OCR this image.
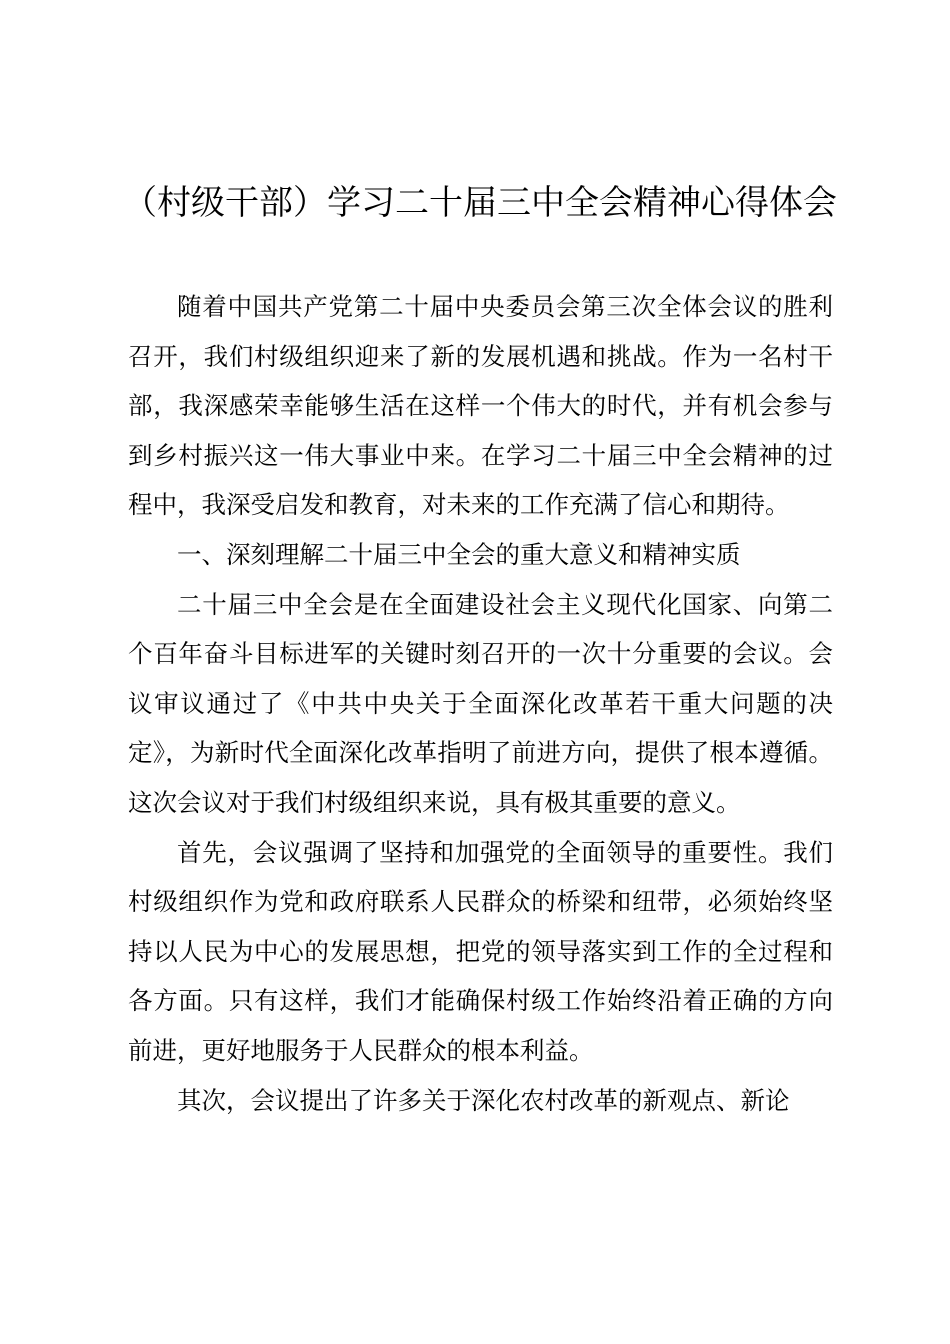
（村级干部）学习二十届三中全会精神心得体会

随着中国共产党第二十届中央委员会第三次全体会议的胜利召开，我们村级组织迎来了新的发展机遇和挑战。作为一名村干部，我深感荣幸能够生活在这样一个伟大的时代，并有机会参与到乡村振兴这一伟大事业中来。在学习二十届三中全会精神的过程中，我深受启发和教育，对未来的工作充满了信心和期待。

一、深刻理解二十届三中全会的重大意义和精神实质

二十届三中全会是在全面建设社会主义现代化国家、向第二个百年奋斗目标进军的关键时刻召开的一次十分重要的会议。会议审议通过了《中共中央关于全面深化改革若干重大问题的决定》，为新时代全面深化改革指明了前进方向，提供了根本遵循。这次会议对于我们村级组织来说，具有极其重要的意义。

首先，会议强调了坚持和加强党的全面领导的重要性。我们村级组织作为党和政府联系人民群众的桥梁和纽带，必须始终坚持以人民为中心的发展思想，把党的领导落实到工作的全过程和各方面。只有这样，我们才能确保村级工作始终沿着正确的方向前进，更好地服务于人民群众的根本利益。

其次，会议提出了许多关于深化农村改革的新观点、新论
